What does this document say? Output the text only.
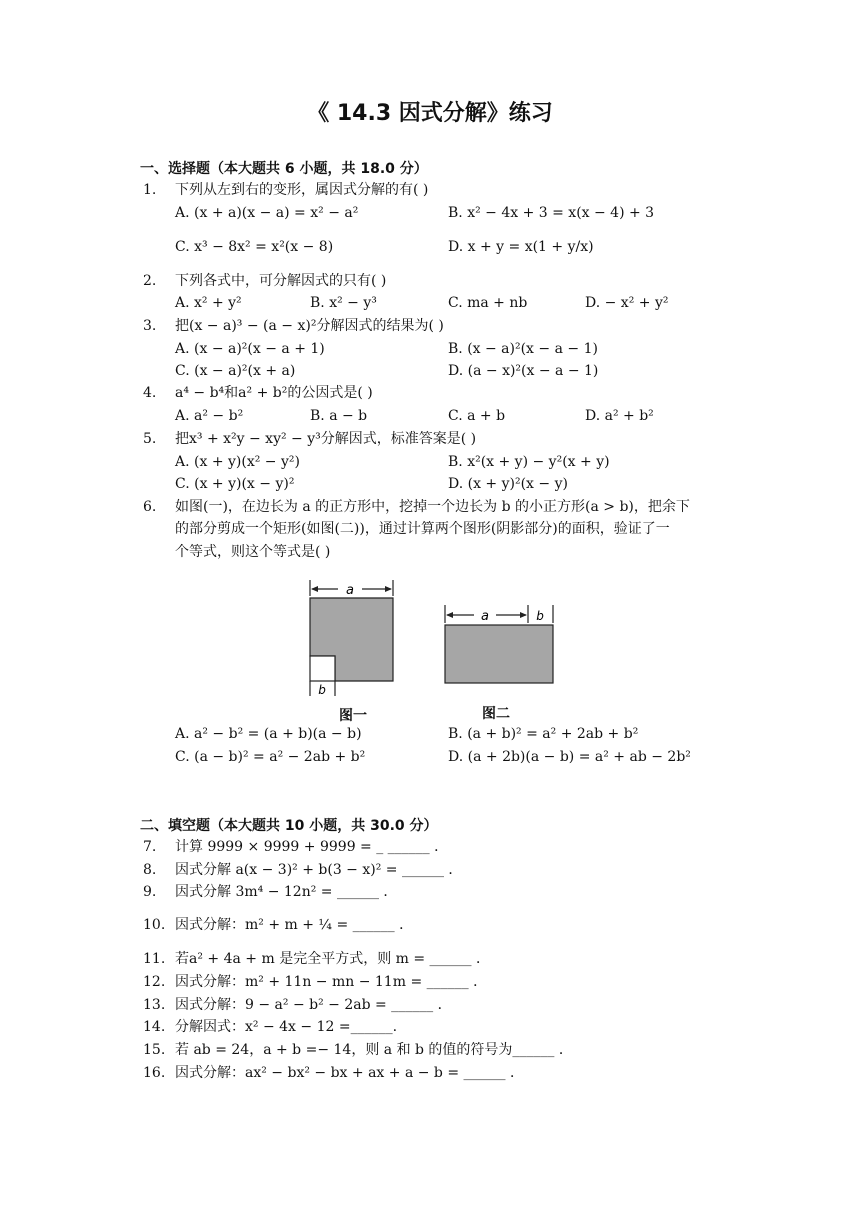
《 14.3 因式分解》练习
一、选择题（本大题共 6 小题，共 18.0 分）
1. 下列从左到右的变形，属因式分解的有( )
A. (x + a)(x − a) = x² − a²	B. x² − 4x + 3 = x(x − 4) + 3
C. x³ − 8x² = x²(x − 8)	D. x + y = x(1 + y/x)
2. 下列各式中，可分解因式的只有( )
A. x² + y²	B. x² − y³	C. ma + nb	D. − x² + y²
3. 把(x − a)³ − (a − x)²分解因式的结果为( )
A. (x − a)²(x − a + 1)	B. (x − a)²(x − a − 1)
C. (x − a)²(x + a)	D. (a − x)²(x − a − 1)
4. a⁴ − b⁴和a² + b²的公因式是( )
A. a² − b²	B. a − b	C. a + b	D. a² + b²
5. 把x³ + x²y − xy² − y³分解因式，标准答案是( )
A. (x + y)(x² − y²)	B. x²(x + y) − y²(x + y)
C. (x + y)(x − y)²	D. (x + y)²(x − y)
6. 如图(一)，在边长为 a 的正方形中，挖掉一个边长为 b 的小正方形(a > b)，把余下
的部分剪成一个矩形(如图(二))，通过计算两个图形(阴影部分)的面积，验证了一
个等式，则这个等式是( )
a
b
图一
a	b
图二
A. a² − b² = (a + b)(a − b)	B. (a + b)² = a² + 2ab + b²
C. (a − b)² = a² − 2ab + b²	D. (a + 2b)(a − b) = a² + ab − 2b²
二、填空题（本大题共 10 小题，共 30.0 分）
7. 计算 9999 × 9999 + 9999 = _ ______ ．
8. 因式分解 a(x − 3)² + b(3 − x)² = ______ ．
9. 因式分解 3m⁴ − 12n² = ______ ．
10. 因式分解：m² + m + ¼ = ______ ．
11. 若a² + 4a + m 是完全平方式，则 m = ______ ．
12. 因式分解：m² + 11n − mn − 11m = ______ ．
13. 因式分解：9 − a² − b² − 2ab = ______ ．
14. 分解因式：x² − 4x − 12 =______.
15. 若 ab = 24，a + b =− 14，则 a 和 b 的值的符号为______ ．
16. 因式分解：ax² − bx² − bx + ax + a − b = ______ ．
